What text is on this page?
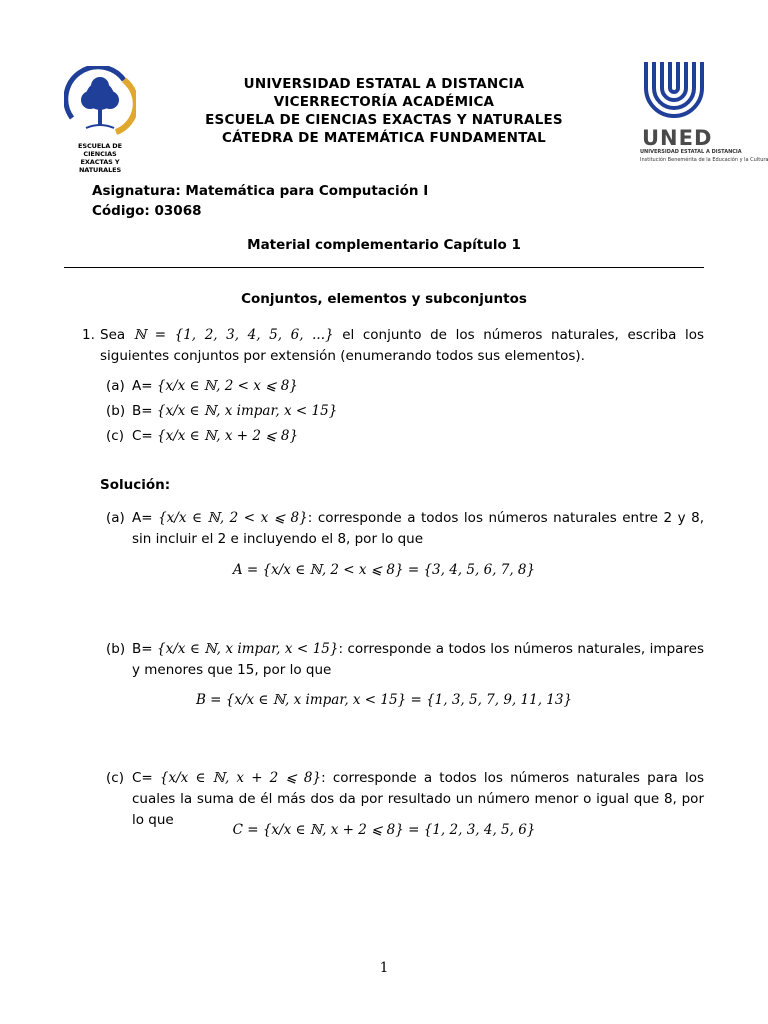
ESCUELA DE CIENCIAS
EXACTAS Y NATURALES
UNIVERSIDAD ESTATAL A DISTANCIA
VICERRECTORÍA ACADÉMICA
ESCUELA DE CIENCIAS EXACTAS Y NATURALES
CÁTEDRA DE MATEMÁTICA FUNDAMENTAL	UNED
UNIVERSIDAD ESTATAL A DISTANCIA
Institución Benemérita de la Educación y la Cultura
Asignatura: Matemática para Computación I
Código: 03068
Material complementario Capítulo 1
Conjuntos, elementos y subconjuntos
1. Sea ℕ = {1, 2, 3, 4, 5, 6, ...} el conjunto de los números naturales, escriba los siguientes conjuntos por extensión (enumerando todos sus elementos).
(a) A= {x/x ∈ ℕ, 2 < x ⩽ 8}
(b) B= {x/x ∈ ℕ, x impar, x < 15}
(c) C= {x/x ∈ ℕ, x + 2 ⩽ 8}
Solución:
(a) A= {x/x ∈ ℕ, 2 < x ⩽ 8}: corresponde a todos los números naturales entre 2 y 8, sin incluir el 2 e incluyendo el 8, por lo que
A = {x/x ∈ ℕ, 2 < x ⩽ 8} = {3, 4, 5, 6, 7, 8}
(b) B= {x/x ∈ ℕ, x impar, x < 15}: corresponde a todos los números naturales, impares y menores que 15, por lo que
B = {x/x ∈ ℕ, x impar, x < 15} = {1, 3, 5, 7, 9, 11, 13}
(c) C= {x/x ∈ ℕ, x + 2 ⩽ 8}: corresponde a todos los números naturales para los cuales la suma de él más dos da por resultado un número menor o igual que 8, por lo que
C = {x/x ∈ ℕ, x + 2 ⩽ 8} = {1, 2, 3, 4, 5, 6}
1
